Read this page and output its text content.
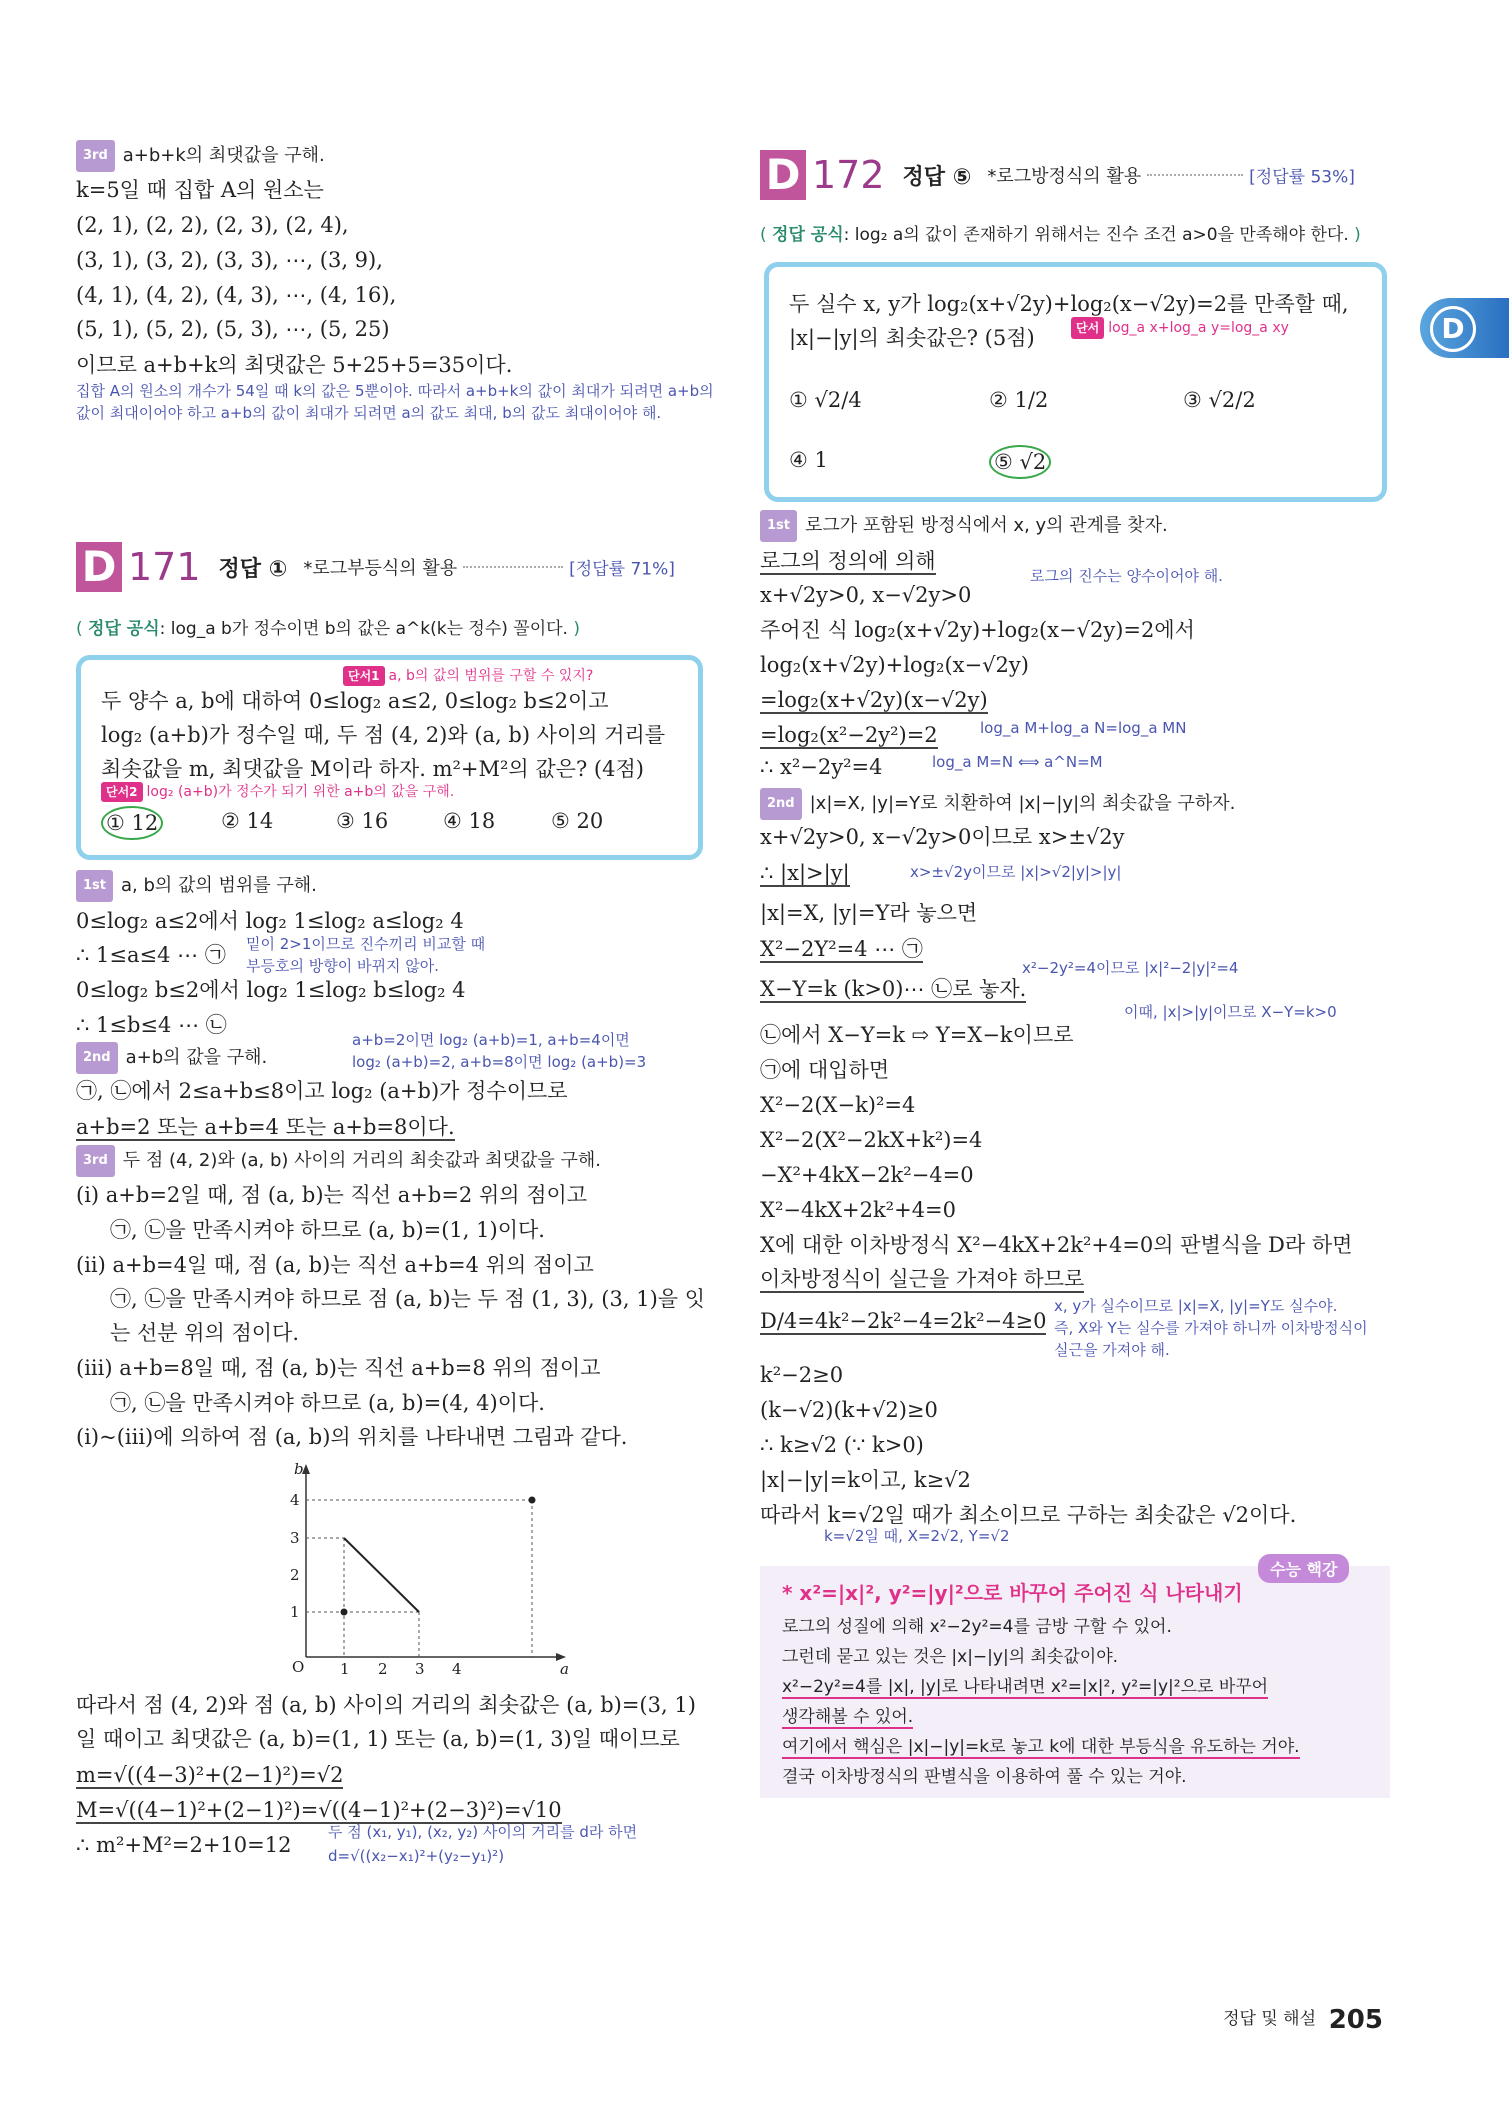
3rd a+b+k의 최댓값을 구해.
k=5일 때 집합 A의 원소는
(2, 1), (2, 2), (2, 3), (2, 4),
(3, 1), (3, 2), (3, 3), ⋯, (3, 9),
(4, 1), (4, 2), (4, 3), ⋯, (4, 16),
(5, 1), (5, 2), (5, 3), ⋯, (5, 25)
이므로 a+b+k의 최댓값은 5+25+5=35이다.
집합 A의 원소의 개수가 54일 때 k의 값은 5뿐이야. 따라서 a+b+k의 값이 최대가 되려면 a+b의
값이 최대이어야 하고 a+b의 값이 최대가 되려면 a의 값도 최대, b의 값도 최대이어야 해.
D 171 정답 ① *로그부등식의 활용	[정답률 71%]
( 정답 공식: log_a b가 정수이면 b의 값은 a^k(k는 정수) 꼴이다. )
단서1 a, b의 값의 범위를 구할 수 있지?
두 양수 a, b에 대하여 0≤log₂ a≤2, 0≤log₂ b≤2이고
log₂ (a+b)가 정수일 때, 두 점 (4, 2)와 (a, b) 사이의 거리를
최솟값을 m, 최댓값을 M이라 하자. m²+M²의 값은? (4점)
단서2 log₂ (a+b)가 정수가 되기 위한 a+b의 값을 구해.
① 12	② 14	③ 16	④ 18	⑤ 20
1st a, b의 값의 범위를 구해.
0≤log₂ a≤2에서 log₂ 1≤log₂ a≤log₂ 4
∴ 1≤a≤4 ⋯ ㉠ 밑이 2>1이므로 진수끼리 비교할 때
부등호의 방향이 바뀌지 않아.
0≤log₂ b≤2에서 log₂ 1≤log₂ b≤log₂ 4
∴ 1≤b≤4 ⋯ ㉡
2nd a+b의 값을 구해.
a+b=2이면 log₂ (a+b)=1, a+b=4이면
log₂ (a+b)=2, a+b=8이면 log₂ (a+b)=3
㉠, ㉡에서 2≤a+b≤8이고 log₂ (a+b)가 정수이므로
a+b=2 또는 a+b=4 또는 a+b=8이다.
3rd 두 점 (4, 2)와 (a, b) 사이의 거리의 최솟값과 최댓값을 구해.
(i) a+b=2일 때, 점 (a, b)는 직선 a+b=2 위의 점이고
㉠, ㉡을 만족시켜야 하므로 (a, b)=(1, 1)이다.
(ii) a+b=4일 때, 점 (a, b)는 직선 a+b=4 위의 점이고
㉠, ㉡을 만족시켜야 하므로 점 (a, b)는 두 점 (1, 3), (3, 1)을 잇
는 선분 위의 점이다.
(iii) a+b=8일 때, 점 (a, b)는 직선 a+b=8 위의 점이고
㉠, ㉡을 만족시켜야 하므로 (a, b)=(4, 4)이다.
(i)~(iii)에 의하여 점 (a, b)의 위치를 나타내면 그림과 같다.
O 1 2 3 4
4
3
2
1
b
a
따라서 점 (4, 2)와 점 (a, b) 사이의 거리의 최솟값은 (a, b)=(3, 1)
일 때이고 최댓값은 (a, b)=(1, 1) 또는 (a, b)=(1, 3)일 때이므로
m=√((4−3)²+(2−1)²)=√2
M=√((4−1)²+(2−1)²)=√((4−1)²+(2−3)²)=√10
∴ m²+M²=2+10=12
두 점 (x₁, y₁), (x₂, y₂) 사이의 거리를 d라 하면
d=√((x₂−x₁)²+(y₂−y₁)²)
D 172 정답 ⑤ *로그방정식의 활용	[정답률 53%]
( 정답 공식: log₂ a의 값이 존재하기 위해서는 진수 조건 a>0을 만족해야 한다. )
두 실수 x, y가 log₂(x+√2y)+log₂(x−√2y)=2를 만족할 때,
|x|−|y|의 최솟값은? (5점)	단서 log_a x+log_a y=log_a xy
① √2/4	② 1/2	③ √2/2
④ 1	⑤ √2
1st 로그가 포함된 방정식에서 x, y의 관계를 찾자.
로그의 정의에 의해
로그의 진수는 양수이어야 해.
x+√2y>0, x−√2y>0
주어진 식 log₂(x+√2y)+log₂(x−√2y)=2에서
log₂(x+√2y)+log₂(x−√2y)
=log₂(x+√2y)(x−√2y)
=log₂(x²−2y²)=2	log_a M+log_a N=log_a MN
∴ x²−2y²=4	log_a M=N ⟺ a^N=M
2nd |x|=X, |y|=Y로 치환하여 |x|−|y|의 최솟값을 구하자.
x+√2y>0, x−√2y>0이므로 x>±√2y
∴ |x|>|y|	x>±√2y이므로 |x|>√2|y|>|y|
|x|=X, |y|=Y라 놓으면
X²−2Y²=4 ⋯ ㉠
x²−2y²=4이므로 |x|²−2|y|²=4
X−Y=k (k>0)⋯ ㉡로 놓자.
이때, |x|>|y|이므로 X−Y=k>0
㉡에서 X−Y=k ⇨ Y=X−k이므로
㉠에 대입하면
X²−2(X−k)²=4
X²−2(X²−2kX+k²)=4
−X²+4kX−2k²−4=0
X²−4kX+2k²+4=0
X에 대한 이차방정식 X²−4kX+2k²+4=0의 판별식을 D라 하면
이차방정식이 실근을 가져야 하므로
D/4=4k²−2k²−4=2k²−4≥0
x, y가 실수이므로 |x|=X, |y|=Y도 실수야.
즉, X와 Y는 실수를 가져야 하니까 이차방정식이
실근을 가져야 해.
k²−2≥0
(k−√2)(k+√2)≥0
∴ k≥√2 (∵ k>0)
|x|−|y|=k이고, k≥√2
따라서 k=√2일 때가 최소이므로 구하는 최솟값은 √2이다.
k=√2일 때, X=2√2, Y=√2
수능 핵강
* x²=|x|², y²=|y|²으로 바꾸어 주어진 식 나타내기
로그의 성질에 의해 x²−2y²=4를 금방 구할 수 있어.
그런데 묻고 있는 것은 |x|−|y|의 최솟값이야.
x²−2y²=4를 |x|, |y|로 나타내려면 x²=|x|², y²=|y|²으로 바꾸어
생각해볼 수 있어.
여기에서 핵심은 |x|−|y|=k로 놓고 k에 대한 부등식을 유도하는 거야.
결국 이차방정식의 판별식을 이용하여 풀 수 있는 거야.
D
정답 및 해설 205
